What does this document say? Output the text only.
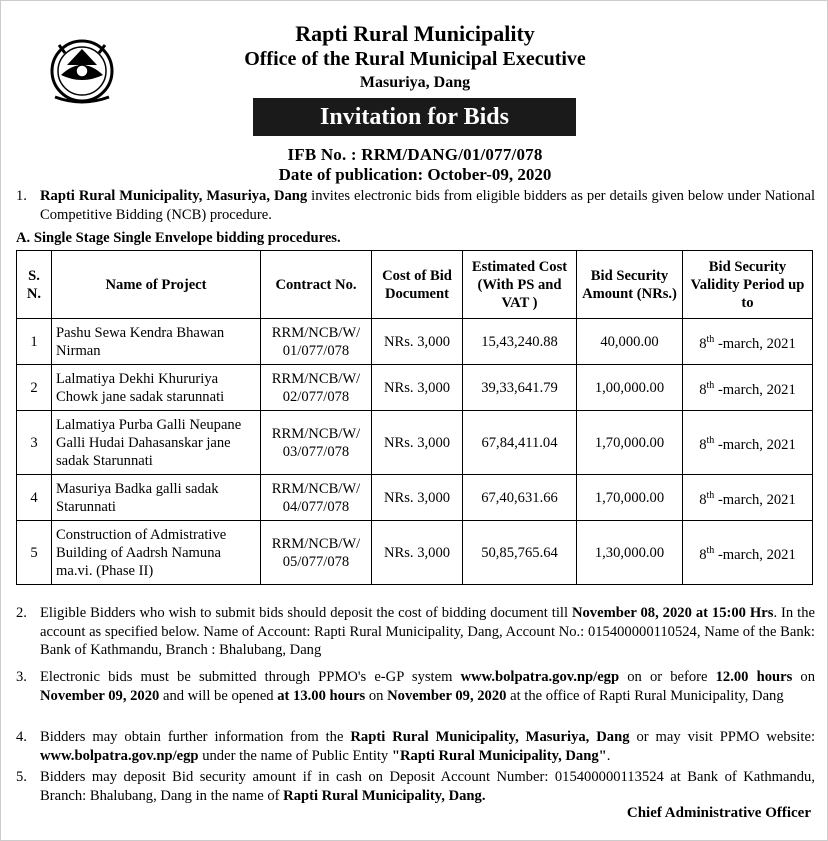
Rapti Rural Municipality
Office of the Rural Municipal Executive
Masuriya, Dang
Invitation for Bids
IFB No. : RRM/DANG/01/077/078
Date of publication: October-09, 2020
1. Rapti Rural Municipality, Masuriya, Dang invites electronic bids from eligible bidders as per details given below under National Competitive Bidding (NCB) procedure.
A. Single Stage Single Envelope bidding procedures.
S. N.	Name of Project	Contract No.	Cost of Bid Document	Estimated Cost (With PS and VAT )	Bid Security Amount (NRs.)	Bid Security Validity Period up to
1	Pashu Sewa Kendra Bhawan Nirman	RRM/NCB/W/ 01/077/078	NRs. 3,000	15,43,240.88	40,000.00	8th -march, 2021
2	Lalmatiya Dekhi Khururiya Chowk jane sadak starunnati	RRM/NCB/W/ 02/077/078	NRs. 3,000	39,33,641.79	1,00,000.00	8th -march, 2021
3	Lalmatiya Purba Galli Neupane Galli Hudai Dahasanskar jane sadak Starunnati	RRM/NCB/W/ 03/077/078	NRs. 3,000	67,84,411.04	1,70,000.00	8th -march, 2021
4	Masuriya Badka galli sadak Starunnati	RRM/NCB/W/ 04/077/078	NRs. 3,000	67,40,631.66	1,70,000.00	8th -march, 2021
5	Construction of Admistrative Building of Aadrsh Namuna ma.vi. (Phase II)	RRM/NCB/W/ 05/077/078	NRs. 3,000	50,85,765.64	1,30,000.00	8th -march, 2021
2. Eligible Bidders who wish to submit bids should deposit the cost of bidding document till November 08, 2020 at 15:00 Hrs. In the account as specified below. Name of Account: Rapti Rural Municipality, Dang, Account No.: 015400000110524, Name of the Bank: Bank of Kathmandu, Branch : Bhalubang, Dang
3. Electronic bids must be submitted through PPMO's e-GP system www.bolpatra.gov.np/egp on or before 12.00 hours on November 09, 2020 and will be opened at 13.00 hours on November 09, 2020 at the office of Rapti Rural Municipality, Dang
4. Bidders may obtain further information from the Rapti Rural Municipality, Masuriya, Dang or may visit PPMO website: www.bolpatra.gov.np/egp under the name of Public Entity "Rapti Rural Municipality, Dang".
5. Bidders may deposit Bid security amount if in cash on Deposit Account Number: 015400000113524 at Bank of Kathmandu, Branch: Bhalubang, Dang in the name of Rapti Rural Municipality, Dang.
Chief Administrative Officer
